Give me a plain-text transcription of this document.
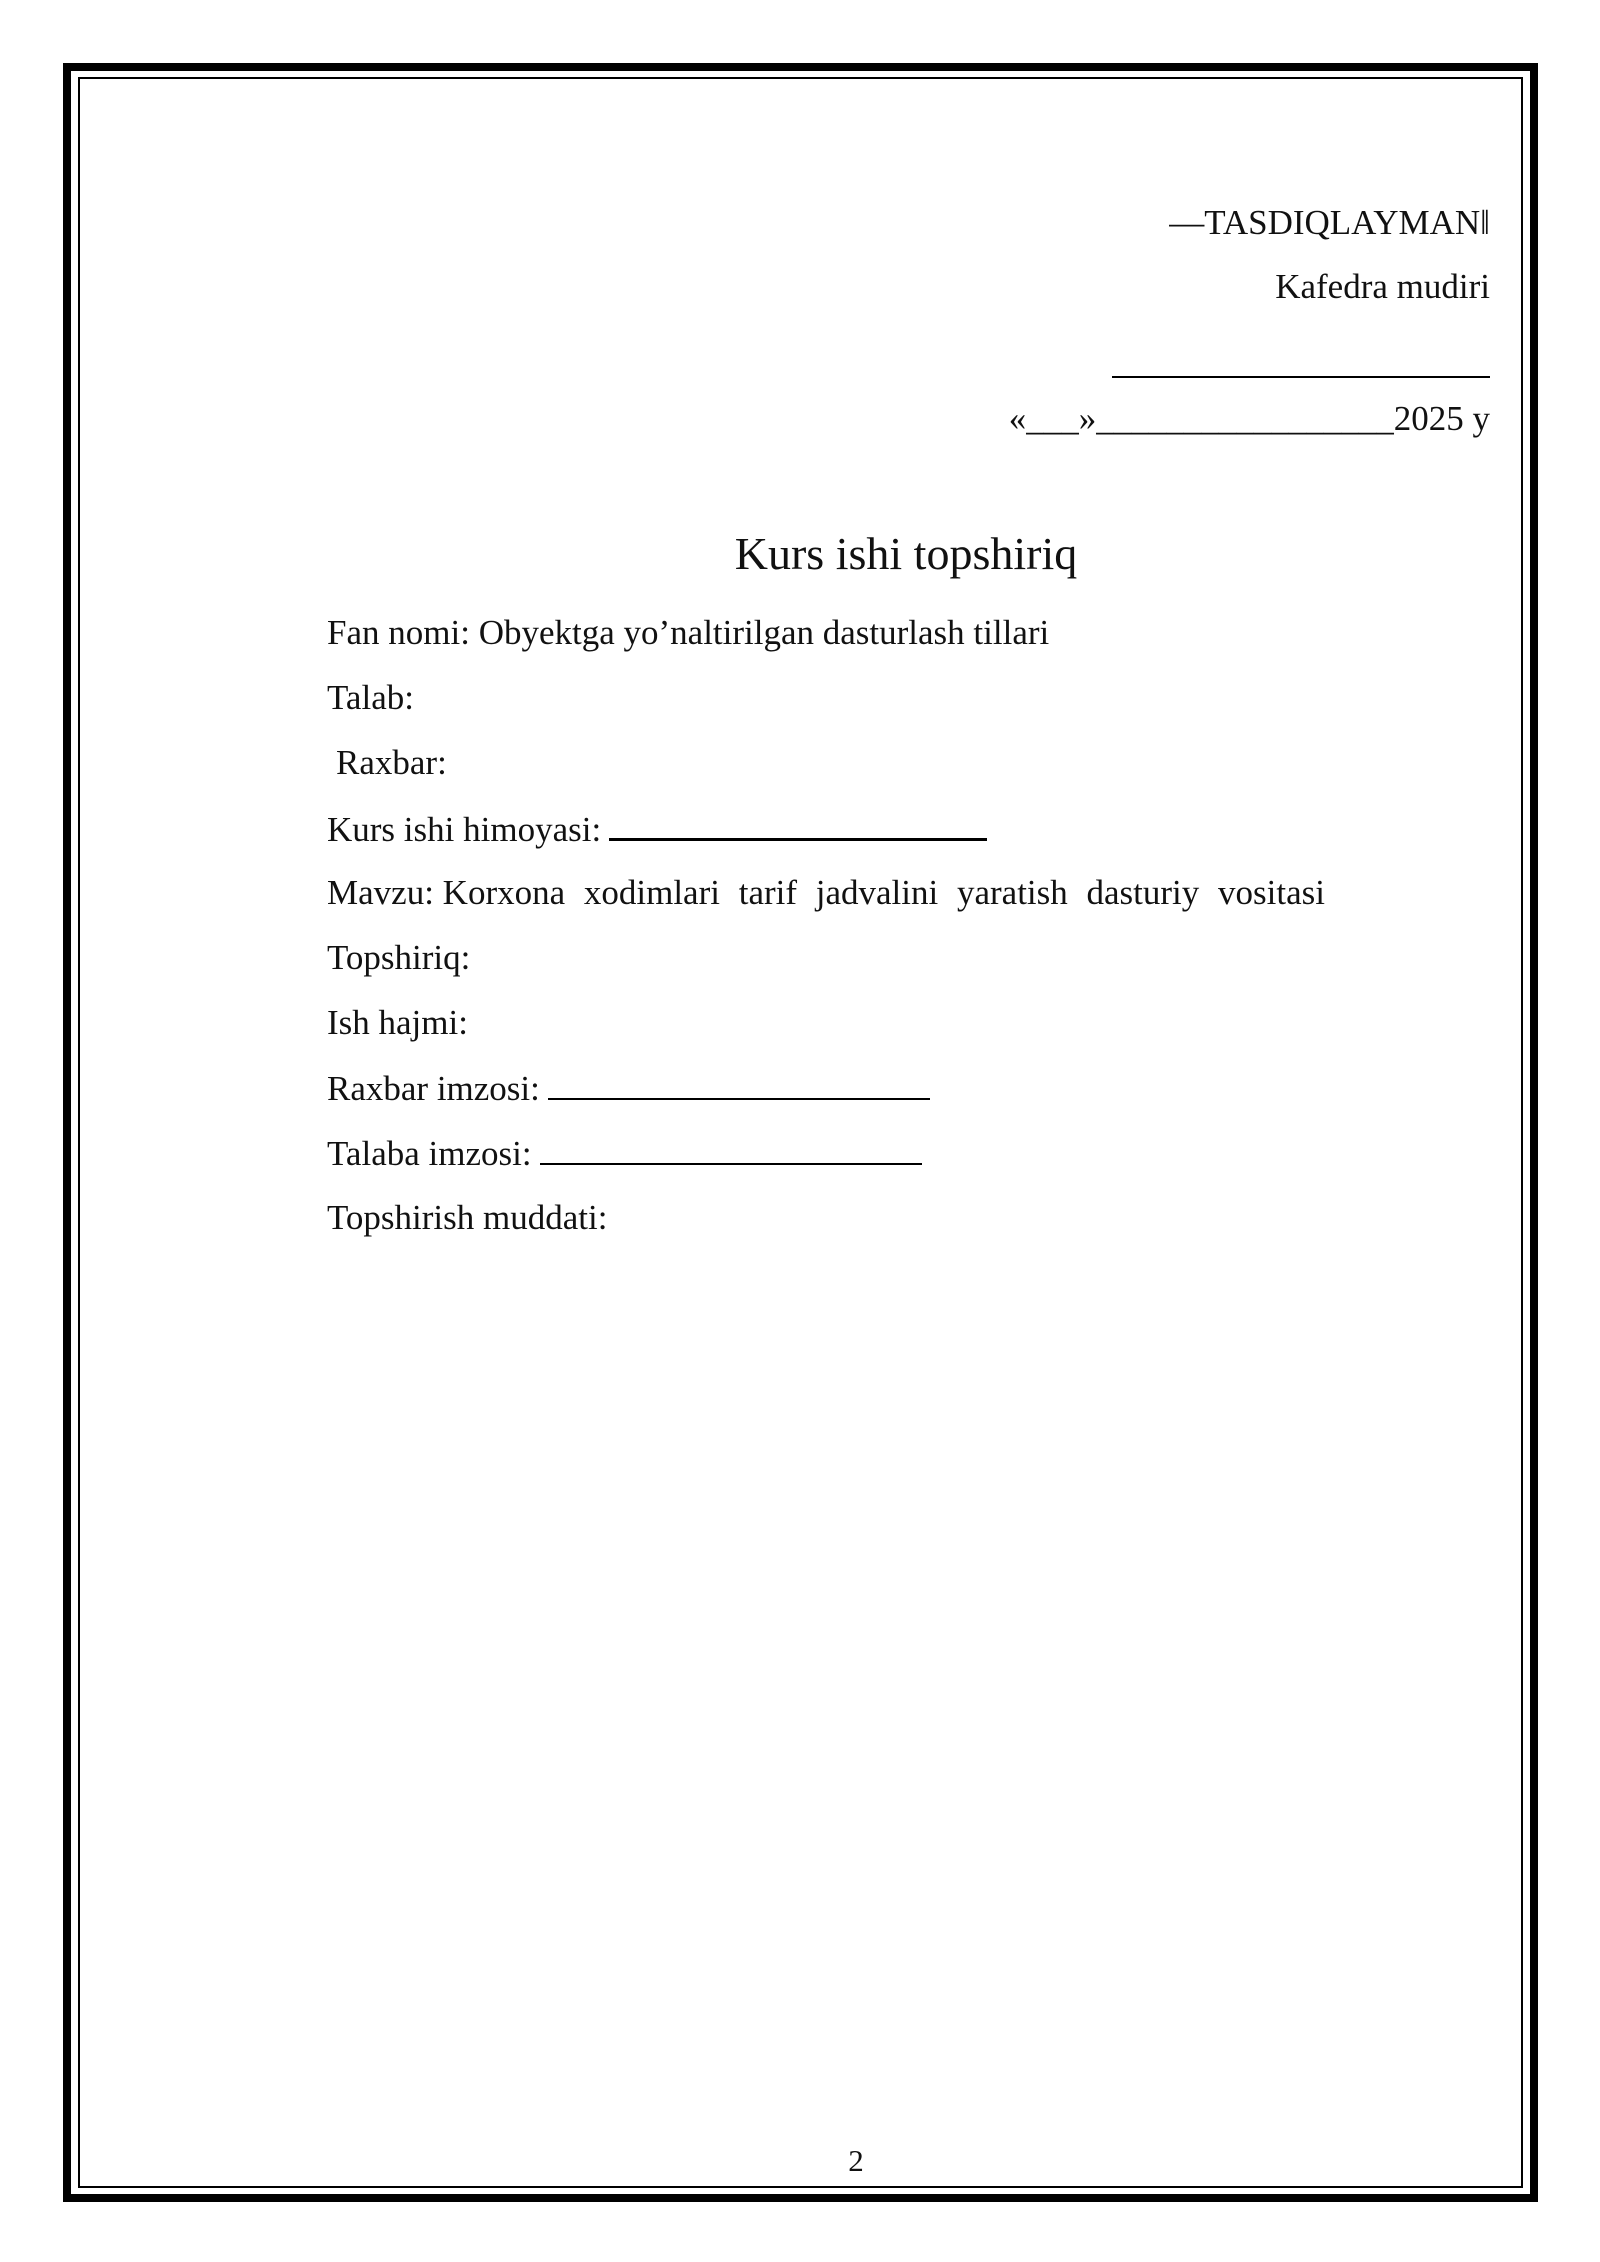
―TASDIQLAYMAN‖
Kafedra mudiri
«___»_________________2025 y
Kurs ishi topshiriq
Fan nomi: Obyektga yo’naltirilgan dasturlash tillari
Talab:
Raxbar:
Kurs ishi himoyasi:
Mavzu: Korxona xodimlari tarif jadvalini yaratish dasturiy vositasi
Topshiriq:
Ish hajmi:
Raxbar imzosi:
Talaba imzosi:
Topshirish muddati:
2
